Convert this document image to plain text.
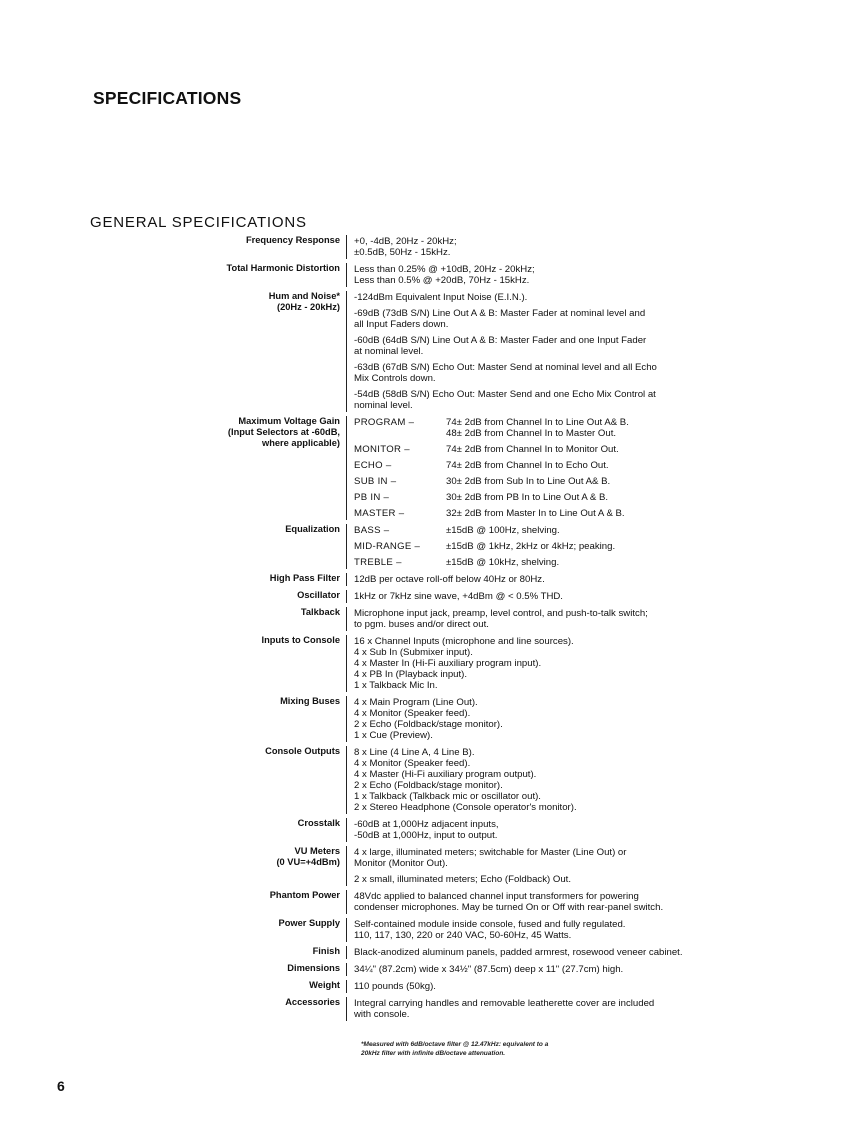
SPECIFICATIONS
GENERAL SPECIFICATIONS
Frequency Response +0, -4dB, 20Hz - 20kHz;
±0.5dB, 50Hz - 15kHz.

Total Harmonic Distortion Less than 0.25% @ +10dB, 20Hz - 20kHz;
Less than 0.5% @ +20dB, 70Hz - 15kHz.

Hum and Noise*
(20Hz - 20kHz)

-124dBm Equivalent Input Noise (E.I.N.).

-69dB (73dB S/N) Line Out A & B: Master Fader at nominal level and
all Input Faders down.

-60dB (64dB S/N) Line Out A & B: Master Fader and one Input Fader
at nominal level.

-63dB (67dB S/N) Echo Out: Master Send at nominal level and all Echo
Mix Controls down.

-54dB (58dB S/N) Echo Out: Master Send and one Echo Mix Control at
nominal level.

Maximum Voltage Gain
(Input Selectors at -60dB,
where applicable)
PROGRAM –	74± 2dB from Channel In to Line Out A& B.
48± 2dB from Channel In to Master Out.
MONITOR –	74± 2dB from Channel In to Monitor Out.
ECHO –	74± 2dB from Channel In to Echo Out.
SUB IN –	30± 2dB from Sub In to Line Out A& B.
PB IN –	30± 2dB from PB In to Line Out A & B.
MASTER –	32± 2dB from Master In to Line Out A & B.
Equalization BASS –	±15dB @ 100Hz, shelving.
MID-RANGE –	±15dB @ 1kHz, 2kHz or 4kHz; peaking.
TREBLE –	±15dB @ 10kHz, shelving.
High Pass Filter 12dB per octave roll-off below 40Hz or 80Hz.

Oscillator 1kHz or 7kHz sine wave, +4dBm @ < 0.5% THD.

Talkback Microphone input jack, preamp, level control, and push-to-talk switch;
to pgm. buses and/or direct out.

Inputs to Console 16 x Channel Inputs (microphone and line sources).
4 x Sub In (Submixer input).
4 x Master In (Hi-Fi auxiliary program input).
4 x PB In (Playback input).
1 x Talkback Mic In.

Mixing Buses 4 x Main Program (Line Out).
4 x Monitor (Speaker feed).
2 x Echo (Foldback/stage monitor).
1 x Cue (Preview).

Console Outputs 8 x Line (4 Line A, 4 Line B).
4 x Monitor (Speaker feed).
4 x Master (Hi-Fi auxiliary program output).
2 x Echo (Foldback/stage monitor).
1 x Talkback (Talkback mic or oscillator out).
2 x Stereo Headphone (Console operator's monitor).

Crosstalk -60dB at 1,000Hz adjacent inputs,
-50dB at 1,000Hz, input to output.

VU Meters
(0 VU=+4dBm)

4 x large, illuminated meters; switchable for Master (Line Out) or
Monitor (Monitor Out).

2 x small, illuminated meters; Echo (Foldback) Out.

Phantom Power 48Vdc applied to balanced channel input transformers for powering
condenser microphones. May be turned On or Off with rear-panel switch.

Power Supply Self-contained module inside console, fused and fully regulated.
110, 117, 130, 220 or 240 VAC, 50-60Hz, 45 Watts.

Finish Black-anodized aluminum panels, padded armrest, rosewood veneer cabinet.

Dimensions 34¼" (87.2cm) wide x 34½" (87.5cm) deep x 11" (27.7cm) high.

Weight 110 pounds (50kg).

Accessories Integral carrying handles and removable leatherette cover are included
with console.

*Measured with 6dB/octave filter @ 12.47kHz: equivalent to a
20kHz filter with infinite dB/octave attenuation.
6
